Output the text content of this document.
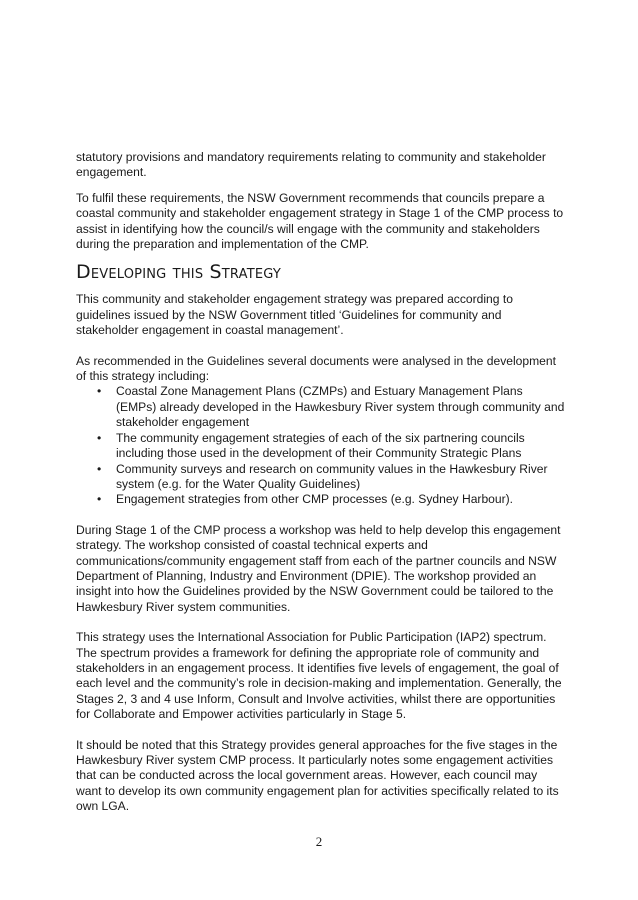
statutory provisions and mandatory requirements relating to community and stakeholder engagement.

To fulfil these requirements, the NSW Government recommends that councils prepare a coastal community and stakeholder engagement strategy in Stage 1 of the CMP process to assist in identifying how the council/s will engage with the community and stakeholders during the preparation and implementation of the CMP.

Developing this Strategy

This community and stakeholder engagement strategy was prepared according to guidelines issued by the NSW Government titled ‘Guidelines for community and stakeholder engagement in coastal management’.

As recommended in the Guidelines several documents were analysed in the development of this strategy including:

• Coastal Zone Management Plans (CZMPs) and Estuary Management Plans (EMPs) already developed in the Hawkesbury River system through community and stakeholder engagement
• The community engagement strategies of each of the six partnering councils including those used in the development of their Community Strategic Plans
• Community surveys and research on community values in the Hawkesbury River system (e.g. for the Water Quality Guidelines)
• Engagement strategies from other CMP processes (e.g. Sydney Harbour).

During Stage 1 of the CMP process a workshop was held to help develop this engagement strategy. The workshop consisted of coastal technical experts and communications/community engagement staff from each of the partner councils and NSW Department of Planning, Industry and Environment (DPIE). The workshop provided an insight into how the Guidelines provided by the NSW Government could be tailored to the Hawkesbury River system communities.

This strategy uses the International Association for Public Participation (IAP2) spectrum. The spectrum provides a framework for defining the appropriate role of community and stakeholders in an engagement process. It identifies five levels of engagement, the goal of each level and the community’s role in decision-making and implementation. Generally, the Stages 2, 3 and 4 use Inform, Consult and Involve activities, whilst there are opportunities for Collaborate and Empower activities particularly in Stage 5.

It should be noted that this Strategy provides general approaches for the five stages in the Hawkesbury River system CMP process. It particularly notes some engagement activities that can be conducted across the local government areas. However, each council may want to develop its own community engagement plan for activities specifically related to its own LGA.

2
